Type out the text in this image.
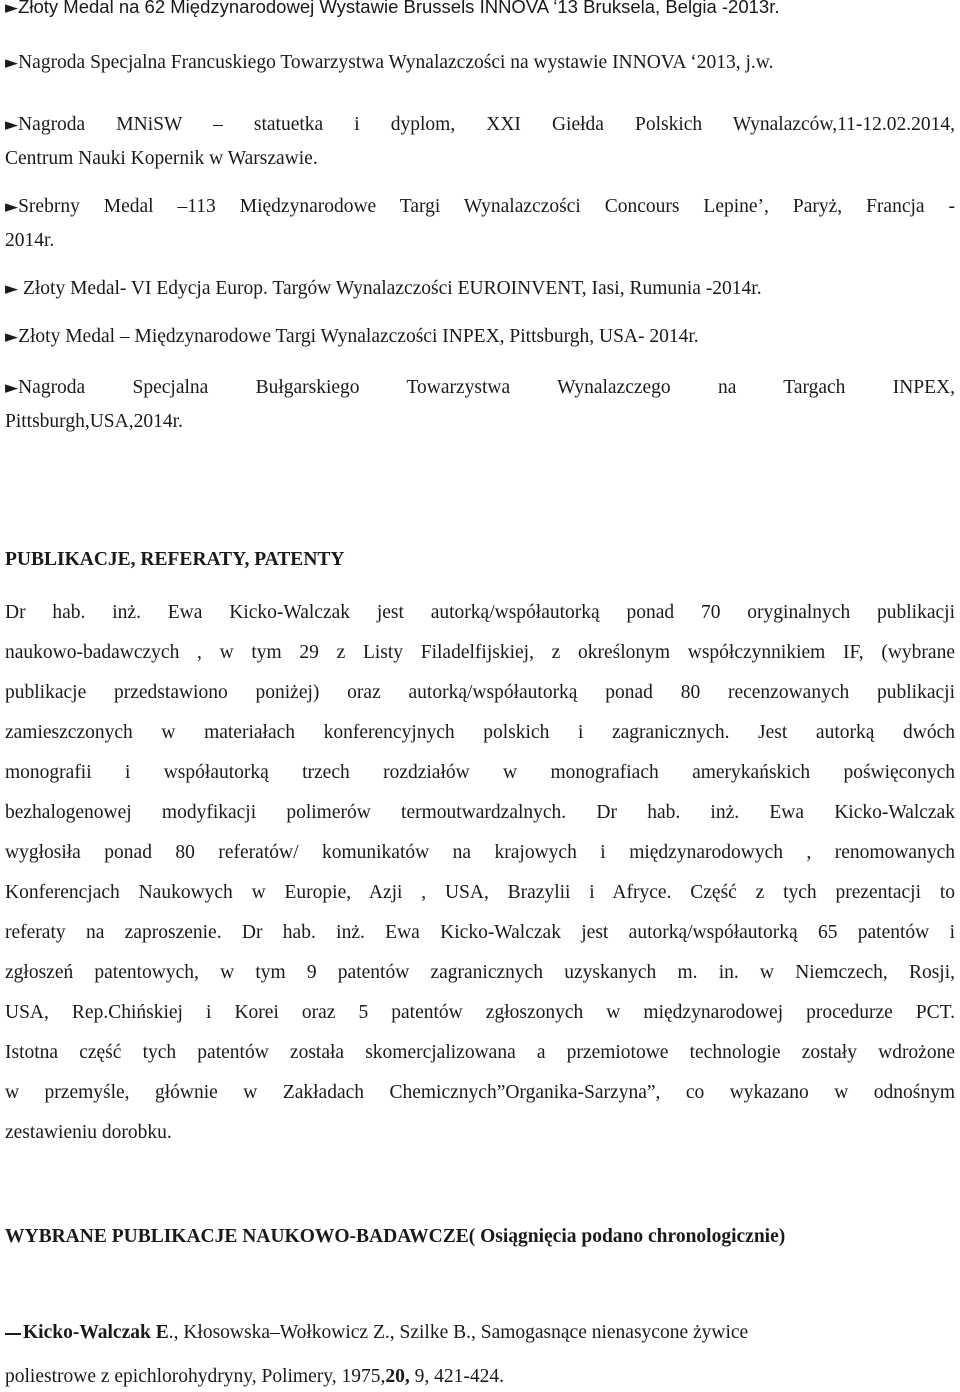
►Złoty Medal na 62 Międzynarodowej Wystawie Brussels INNOVA ‘13 Bruksela, Belgia -2013r.
►Nagroda Specjalna Francuskiego Towarzystwa Wynalazczości na wystawie INNOVA ‘2013, j.w.
►Nagroda MNiSW – statuetka i dyplom, XXI Giełda Polskich Wynalazców,11-12.02.2014,
Centrum Nauki Kopernik w Warszawie.
►Srebrny Medal –113 Międzynarodowe Targi Wynalazczości Concours Lepine’, Paryż, Francja -
2014r.
► Złoty Medal- VI Edycja Europ. Targów Wynalazczości EUROINVENT, Iasi, Rumunia -2014r.
►Złoty Medal – Międzynarodowe Targi Wynalazczości INPEX, Pittsburgh, USA- 2014r.
►Nagroda Specjalna Bułgarskiego Towarzystwa Wynalazczego na Targach INPEX,
Pittsburgh,USA,2014r.
PUBLIKACJE, REFERATY, PATENTY
Dr hab. inż. Ewa Kicko-Walczak jest autorką/współautorką ponad 70 oryginalnych publikacji
naukowo-badawczych , w tym 29 z Listy Filadelfijskiej, z określonym współczynnikiem IF, (wybrane
publikacje przedstawiono poniżej) oraz autorką/współautorką ponad 80 recenzowanych publikacji
zamieszczonych w materiałach konferencyjnych polskich i zagranicznych. Jest autorką dwóch
monografii i współautorką trzech rozdziałów w monografiach amerykańskich poświęconych
bezhalogenowej modyfikacji polimerów termoutwardzalnych. Dr hab. inż. Ewa Kicko-Walczak
wygłosiła ponad 80 referatów/ komunikatów na krajowych i międzynarodowych , renomowanych
Konferencjach Naukowych w Europie, Azji , USA, Brazylii i Afryce. Część z tych prezentacji to
referaty na zaproszenie. Dr hab. inż. Ewa Kicko-Walczak jest autorką/współautorką 65 patentów i
zgłoszeń patentowych, w tym 9 patentów zagranicznych uzyskanych m. in. w Niemczech, Rosji,
USA, Rep.Chińskiej i Korei oraz 5 patentów zgłoszonych w międzynarodowej procedurze PCT.
Istotna część tych patentów została skomercjalizowana a przemiotowe technologie zostały wdrożone
w przemyśle, głównie w Zakładach Chemicznych”Organika-Sarzyna”, co wykazano w odnośnym
zestawieniu dorobku.
WYBRANE PUBLIKACJE NAUKOWO-BADAWCZE( Osiągnięcia podano chronologicznie)
Kicko-Walczak E., Kłosowska–Wołkowicz Z., Szilke B., Samogasnące nienasycone żywice
poliestrowe z epichlorohydryny, Polimery, 1975,20, 9, 421-424.
